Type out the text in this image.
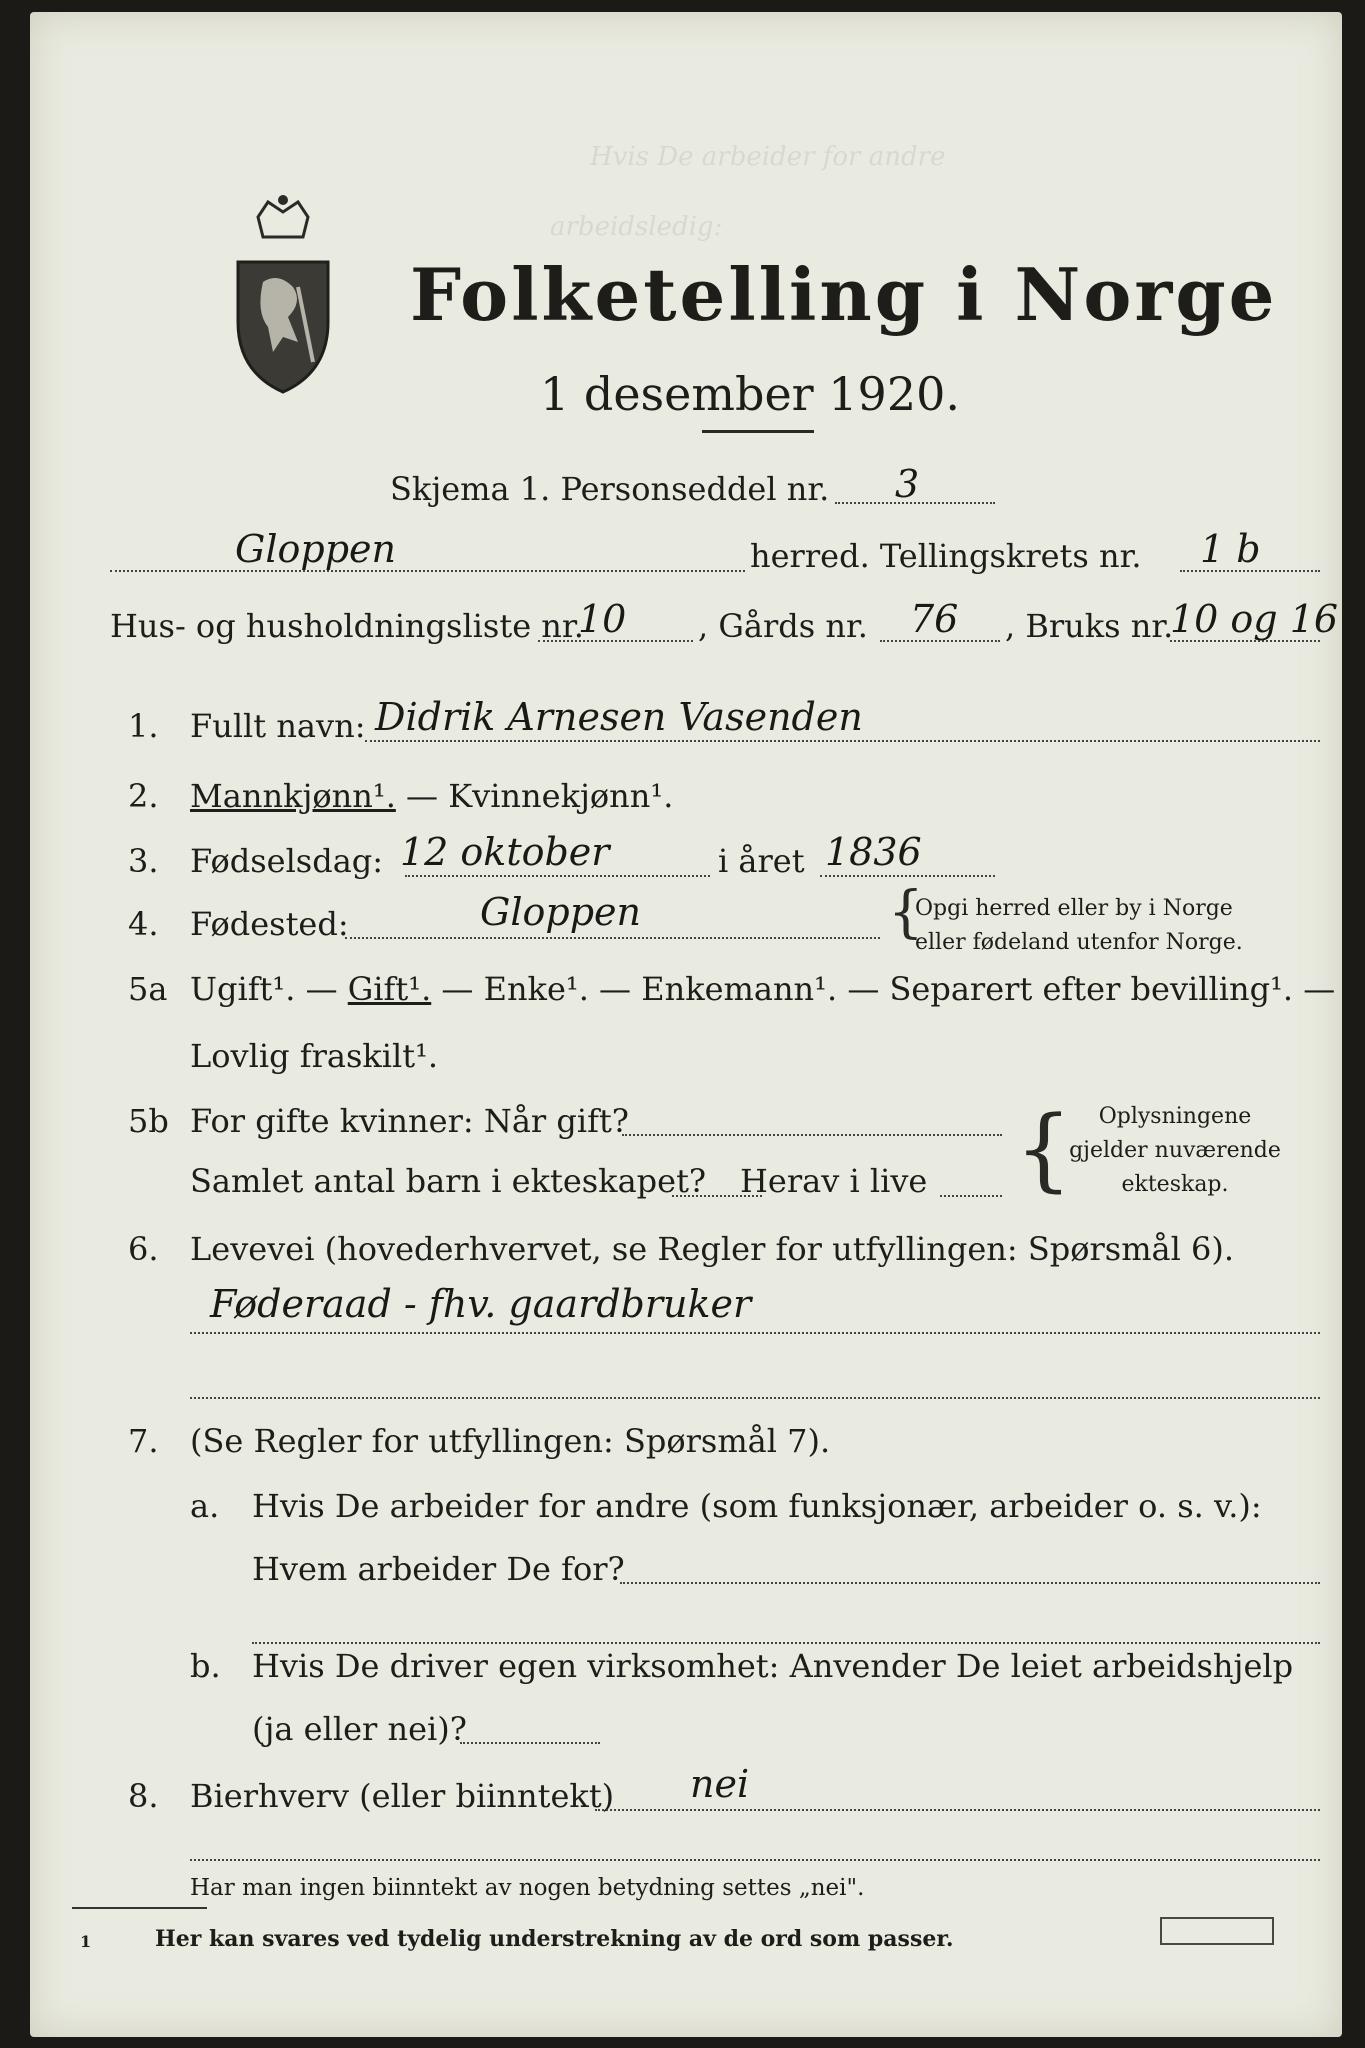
Hvis De arbeider for andre
arbeidsledig:
Folketelling i Norge
1 desember 1920.
Skjema 1. Personseddel nr. 3
Gloppen	herred. Tellingskrets nr. 1 b
Hus- og husholdningsliste nr.
10 , Gårds nr. 76 , Bruks nr.
10 og 16
1. Fullt navn: Didrik Arnesen Vasenden
2. Mannkjønn¹. — Kvinnekjønn¹.
3. Fødselsdag: 12 oktober	i året 1836
4. Fødested:	Gloppen	{
Opgi herred eller by i Norge
eller fødeland utenfor Norge.
5a Ugift¹. — Gift¹. — Enke¹. — Enkemann¹. — Separert efter bevilling¹. —
Lovlig fraskilt¹.
5b For gifte kvinner: Når gift?
Samlet antal barn i ekteskapet? Herav i live {	Oplysningene
gjelder nuværende
ekteskap.
6. Levevei (hovederhvervet, se Regler for utfyllingen: Spørsmål 6).
Føderaad - fhv. gaardbruker
7. (Se Regler for utfyllingen: Spørsmål 7).
a. Hvis De arbeider for andre (som funksjonær, arbeider o. s. v.):
Hvem arbeider De for?
b. Hvis De driver egen virksomhet: Anvender De leiet arbeidshjelp
(ja eller nei)?
8. Bierhverv (eller biinntekt) nei
Har man ingen biinntekt av nogen betydning settes „nei".
1	Her kan svares ved tydelig understrekning av de ord som passer.
